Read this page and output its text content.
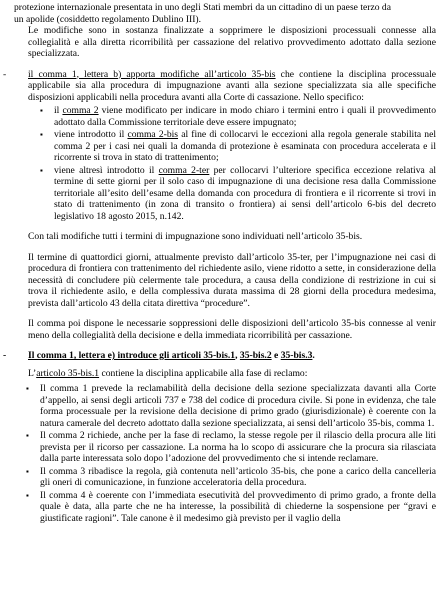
protezione internazionale presentata in uno degli Stati membri da un cittadino di un paese terzo da
un apolide (cosiddetto regolamento Dublino III).

Le modifiche sono in sostanza finalizzate a sopprimere le disposizioni processuali connesse alla collegialità e alla diretta ricorribilità per cassazione del relativo provvedimento adottato dalla sezione specializzata.

- il comma 1, lettera b) apporta modifiche all’articolo 35-bis che contiene la disciplina processuale applicabile sia alla procedura di impugnazione avanti alla sezione specializzata sia alle specifiche disposizioni applicabili nella procedura avanti alla Corte di cassazione. Nello specifico:
▪ il comma 2 viene modificato per indicare in modo chiaro i termini entro i quali il provvedimento adottato dalla Commissione territoriale deve essere impugnato;
▪ viene introdotto il comma 2-bis al fine di collocarvi le eccezioni alla regola generale stabilita nel comma 2 per i casi nei quali la domanda di protezione è esaminata con procedura accelerata e il ricorrente si trova in stato di trattenimento;
▪ viene altresì introdotto il comma 2-ter per collocarvi l’ulteriore specifica eccezione relativa al termine di sette giorni per il solo caso di impugnazione di una decisione resa dalla Commissione territoriale all’esito dell’esame della domanda con procedura di frontiera e il ricorrente si trovi in stato di trattenimento (in zona di transito o frontiera) ai sensi dell’articolo 6-bis del decreto legislativo 18 agosto 2015, n.142.

Con tali modifiche tutti i termini di impugnazione sono individuati nell’articolo 35-bis.

Il termine di quattordici giorni, attualmente previsto dall’articolo 35-ter, per l’impugnazione nei casi di procedura di frontiera con trattenimento del richiedente asilo, viene ridotto a sette, in considerazione della necessità di concludere più celermente tale procedura, a causa della condizione di restrizione in cui si trova il richiedente asilo, e della complessiva durata massima di 28 giorni della procedura medesima, prevista dall’articolo 43 della citata direttiva “procedure”.

Il comma poi dispone le necessarie soppressioni delle disposizioni dell’articolo 35-bis connesse al venir meno della collegialità della decisione e della immediata ricorribilità per cassazione.

- Il comma 1, lettera e) introduce gli articoli 35-bis.1, 35-bis.2 e 35-bis.3.

L’articolo 35-bis.1 contiene la disciplina applicabile alla fase di reclamo:

▪ Il comma 1 prevede la reclamabilità della decisione della sezione specializzata davanti alla Corte d’appello, ai sensi degli articoli 737 e 738 del codice di procedura civile. Si pone in evidenza, che tale forma processuale per la revisione della decisione di primo grado (giurisdizionale) è coerente con la natura camerale del decreto adottato dalla sezione specializzata, ai sensi dell’articolo 35-bis, comma 1.
▪ Il comma 2 richiede, anche per la fase di reclamo, la stesse regole per il rilascio della procura alle liti prevista per il ricorso per cassazione. La norma ha lo scopo di assicurare che la procura sia rilasciata dalla parte interessata solo dopo l’adozione del provvedimento che si intende reclamare.
▪ Il comma 3 ribadisce la regola, già contenuta nell’articolo 35-bis, che pone a carico della cancelleria gli oneri di comunicazione, in funzione acceleratoria della procedura.
▪ Il comma 4 è coerente con l’immediata esecutività del provvedimento di primo grado, a fronte della quale è data, alla parte che ne ha interesse, la possibilità di chiederne la sospensione per “gravi e giustificate ragioni”. Tale canone è il medesimo già previsto per il vaglio della
